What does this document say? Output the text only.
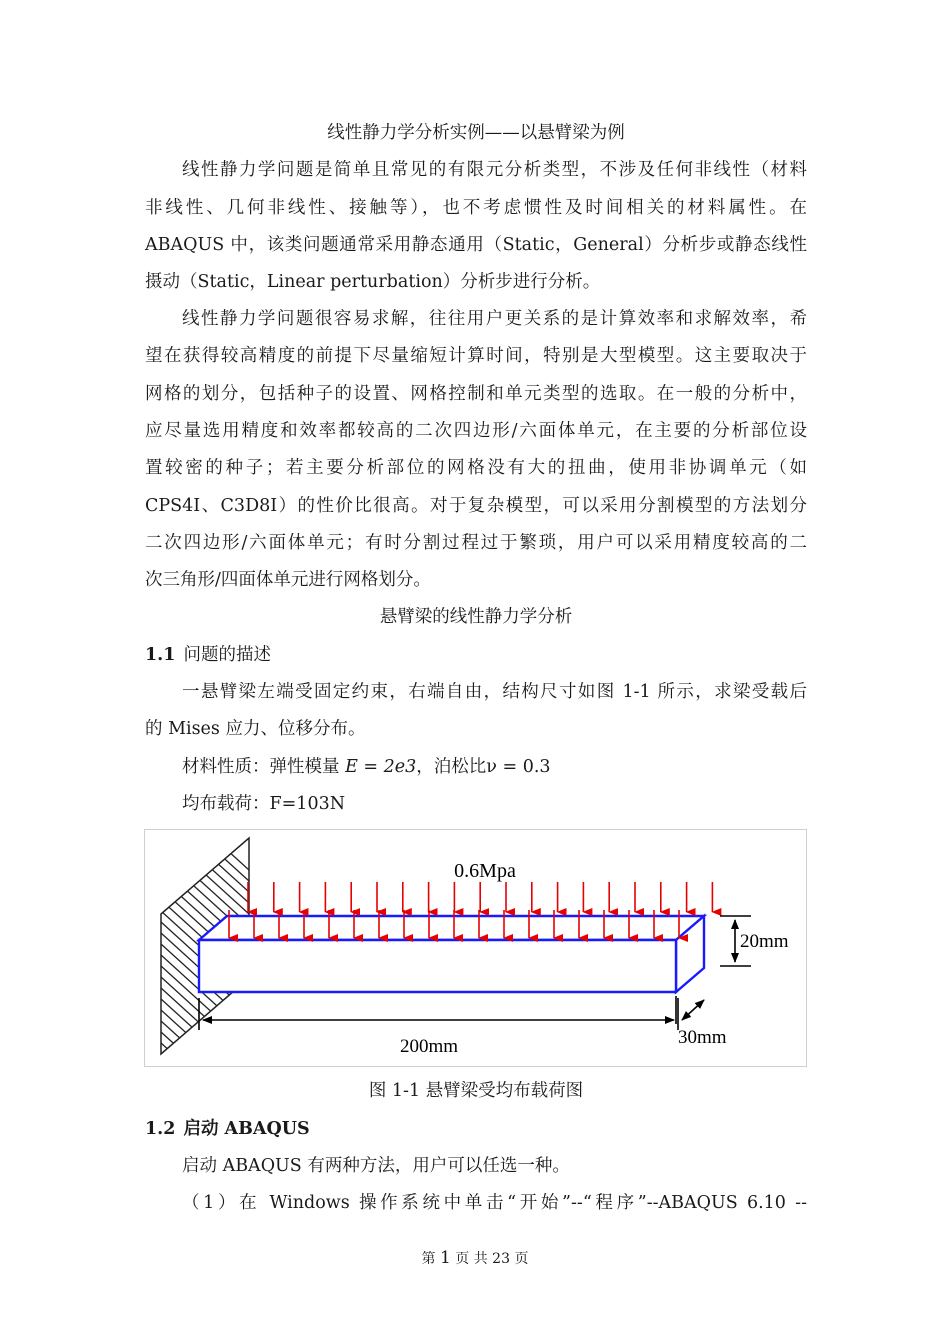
线性静力学分析实例——以悬臂梁为例
线性静力学问题是简单且常见的有限元分析类型，不涉及任何非线性（材料
非线性、几何非线性、接触等），也不考虑惯性及时间相关的材料属性。在
ABAQUS 中，该类问题通常采用静态通用（Static，General）分析步或静态线性
摄动（Static，Linear perturbation）分析步进行分析。
线性静力学问题很容易求解，往往用户更关系的是计算效率和求解效率，希
望在获得较高精度的前提下尽量缩短计算时间，特别是大型模型。这主要取决于
网格的划分，包括种子的设置、网格控制和单元类型的选取。在一般的分析中，
应尽量选用精度和效率都较高的二次四边形/六面体单元，在主要的分析部位设
置较密的种子；若主要分析部位的网格没有大的扭曲，使用非协调单元（如
CPS4I、C3D8I）的性价比很高。对于复杂模型，可以采用分割模型的方法划分
二次四边形/六面体单元；有时分割过程过于繁琐，用户可以采用精度较高的二
次三角形/四面体单元进行网格划分。
悬臂梁的线性静力学分析
1.1 问题的描述
一悬臂梁左端受固定约束，右端自由，结构尺寸如图 1-1 所示，求梁受载后
的 Mises 应力、位移分布。
材料性质：弹性模量 E = 2e3，泊松比ν = 0.3
均布载荷：F=103N
0.6Mpa
20mm
200mm	30mm
图 1-1 悬臂梁受均布载荷图
1.2 启动 ABAQUS
启动 ABAQUS 有两种方法，用户可以任选一种。
（1）在 Windows 操作系统中单击“开始”--“程序”--ABAQUS 6.10 --
第 1 页 共 23 页
